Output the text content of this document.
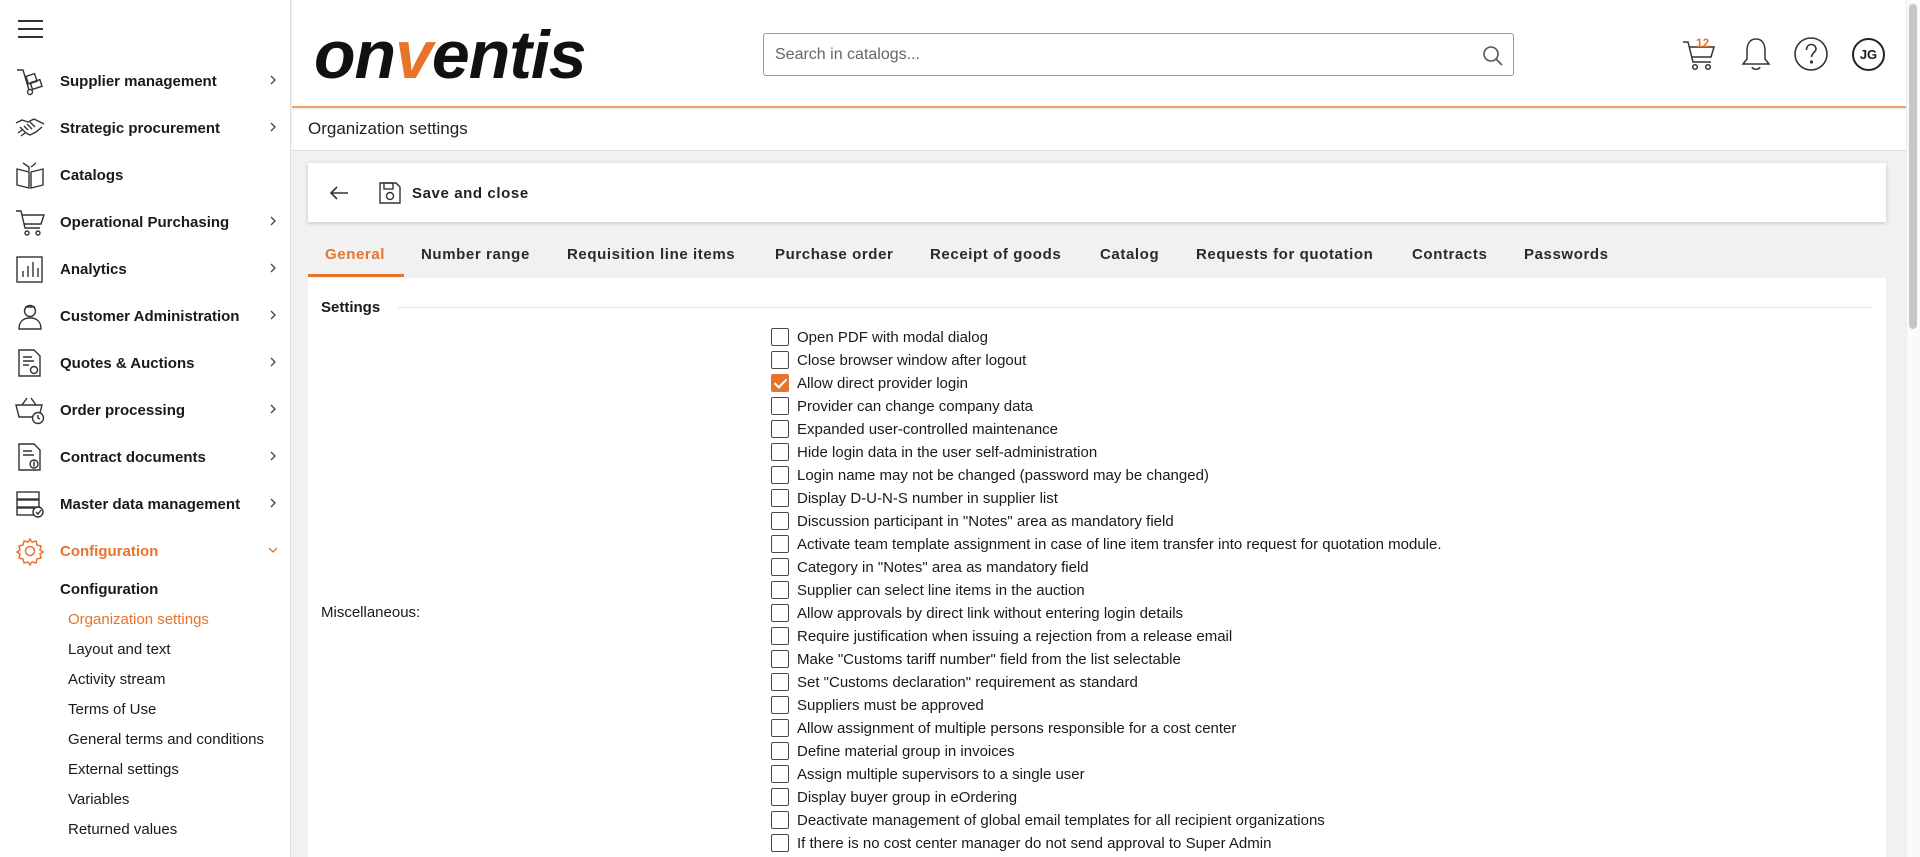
Supplier management
Strategic procurement
Catalogs
Operational Purchasing
Analytics
Customer Administration
Quotes & Auctions
Order processing
Contract documents
Master data management
Configuration
Configuration
Organization settings
Layout and text
Activity stream
Terms of Use
General terms and conditions
External settings
Variables
Returned values
onventis
Search in catalogs...	12
JG
Organization settings
Save and close
General Number range Requisition line items	Purchase order Receipt of goods	Catalog Requests for quotation	Contracts Passwords
Settings
Miscellaneous:
Open PDF with modal dialog
Close browser window after logout
Allow direct provider login
Provider can change company data
Expanded user-controlled maintenance
Hide login data in the user self-administration
Login name may not be changed (password may be changed)
Display D-U-N-S number in supplier list
Discussion participant in "Notes" area as mandatory field
Activate team template assignment in case of line item transfer into request for quotation module.
Category in "Notes" area as mandatory field
Supplier can select line items in the auction
Allow approvals by direct link without entering login details
Require justification when issuing a rejection from a release email
Make "Customs tariff number" field from the list selectable
Set "Customs declaration" requirement as standard
Suppliers must be approved
Allow assignment of multiple persons responsible for a cost center
Define material group in invoices
Assign multiple supervisors to a single user
Display buyer group in eOrdering
Deactivate management of global email templates for all recipient organizations
If there is no cost center manager do not send approval to Super Admin
